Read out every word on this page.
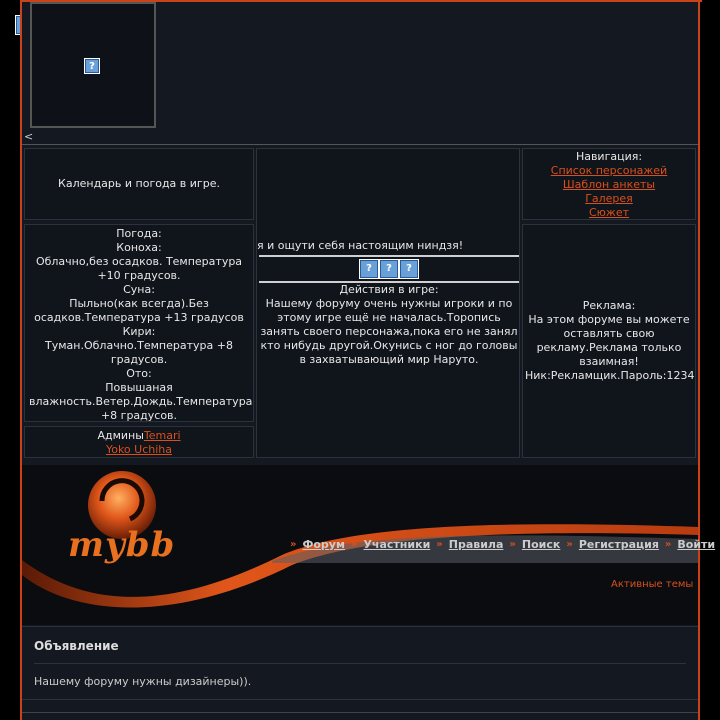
?
<
Календарь и погода в игре.
Погода:
Коноха:
Облачно,без осадков. Температура +10 градусов.
Суна:
Пыльно(как всегда).Без осадков.Температура +13 градусов
Кири:
Туман.Облачно.Температура +8 градусов.
Ото:
Повышаная влажность.Ветер.Дождь.Температура +8 градусов.
АдминыTemari
Yoko Uchiha
я и ощути себя настоящим ниндзя!
?	?	?
Действия в игре:
Нашему форуму очень нужны игроки и по этому игре ещё не началась.Торопись занять своего персонажа,пока его не занял кто нибудь другой.Окунись с ног до головы в захватывающий мир Наруто.
Навигация:
Список персонажей
Шаблон анкеты
Галерея
Сюжет
Реклама:
На этом форуме вы можете оставлять свою рекламу.Реклама только взаимная!
Ник:Рекламщик.Пароль:1234
mybb	» Форум » Участники » Правила » Поиск » Регистрация » Войти
Активные темы
Объявление

Нашему форуму нужны дизайнеры)).
